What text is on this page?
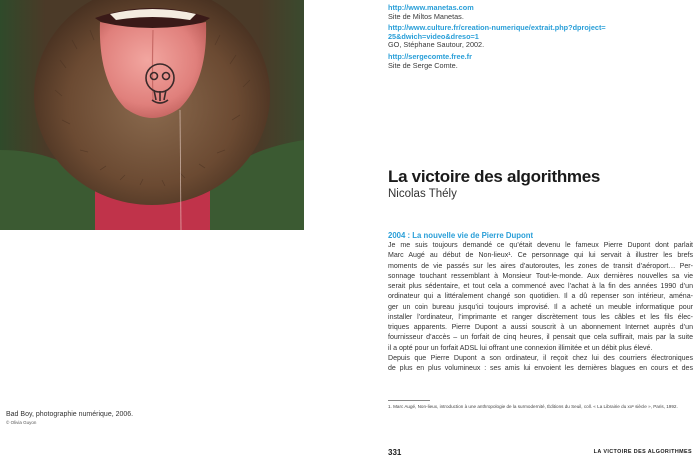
Bad Boy, photographie numérique, 2006.
© Olivia Guyon
http://www.manetas.com
Site de Miltos Manetas.
http://www.culture.fr/creation-numerique/extrait.php?dproject=
25&dwich=video&dreso=1
GO, Stéphane Sautour, 2002.
http://sergecomte.free.fr
Site de Serge Comte.
La victoire des algorithmes
Nicolas Thély
2004 : La nouvelle vie de Pierre Dupont
Je me suis toujours demandé ce qu’était devenu le fameux Pierre Dupont dont parlait
Marc Augé au début de Non-lieux¹. Ce personnage qui lui servait à illustrer les brefs
moments de vie passés sur les aires d’autoroutes, les zones de transit d’aéroport… Per-
sonnage touchant ressemblant à Monsieur Tout-le-monde. Aux dernières nouvelles sa vie
serait plus sédentaire, et tout cela a commencé avec l’achat à la fin des années 1990 d’un
ordinateur qui a littéralement changé son quotidien. Il a dû repenser son intérieur, aména-
ger un coin bureau jusqu’ici toujours improvisé. Il a acheté un meuble informatique pour
installer l’ordinateur, l’imprimante et ranger discrètement tous les câbles et les fils élec-
triques apparents. Pierre Dupont a aussi souscrit à un abonnement Internet auprès d’un
fournisseur d’accès – un forfait de cinq heures, il pensait que cela suffirait, mais par la suite
il a opté pour un forfait ADSL lui offrant une connexion illimitée et un débit plus élevé.
Depuis que Pierre Dupont a son ordinateur, il reçoit chez lui des courriers électroniques
de plus en plus volumineux : ses amis lui envoient les dernières blagues en cours et des
1. Marc Augé, Non-lieux, introduction à une anthropologie de la surmodernité, Éditions du Seuil, coll. « La Librairie du xxᵉ siècle », Paris, 1992.
331	LA VICTOIRE DES ALGORITHMES
